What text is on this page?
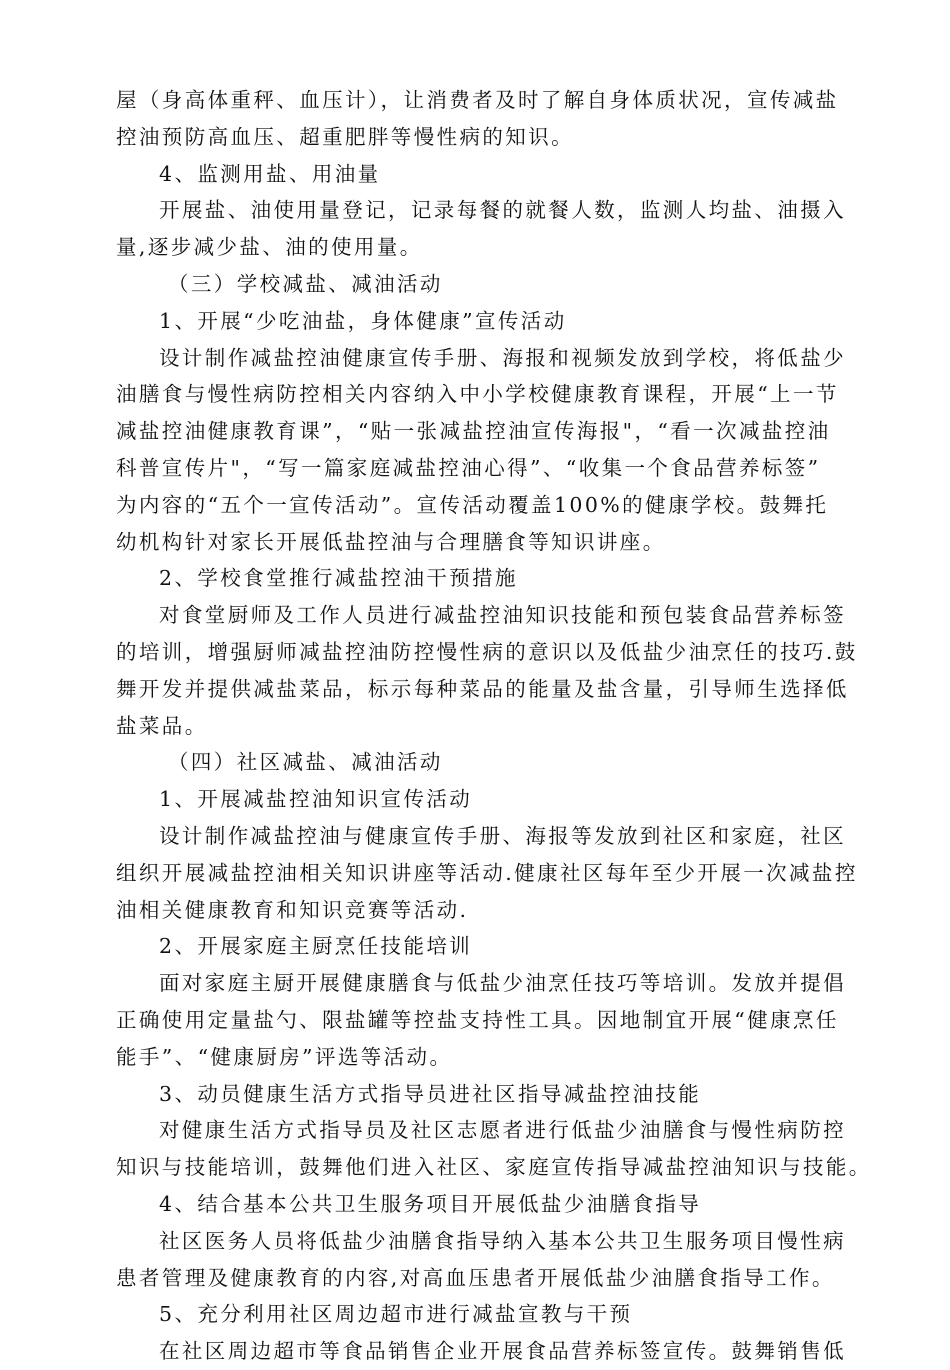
屋（身高体重秤、血压计），让消费者及时了解自身体质状况，宣传减盐
控油预防高血压、超重肥胖等慢性病的知识。
4、监测用盐、用油量
开展盐、油使用量登记，记录每餐的就餐人数，监测人均盐、油摄入
量,逐步减少盐、油的使用量。
（三）学校减盐、减油活动
1、开展“少吃油盐，身体健康”宣传活动
设计制作减盐控油健康宣传手册、海报和视频发放到学校，将低盐少
油膳食与慢性病防控相关内容纳入中小学校健康教育课程，开展“上一节
减盐控油健康教育课”，“贴一张减盐控油宣传海报"，“看一次减盐控油
科普宣传片"，“写一篇家庭减盐控油心得”、“收集一个食品营养标签”
为内容的“五个一宣传活动”。宣传活动覆盖100%的健康学校。鼓舞托
幼机构针对家长开展低盐控油与合理膳食等知识讲座。
2、学校食堂推行减盐控油干预措施
对食堂厨师及工作人员进行减盐控油知识技能和预包装食品营养标签
的培训，增强厨师减盐控油防控慢性病的意识以及低盐少油烹任的技巧.鼓
舞开发并提供减盐菜品，标示每种菜品的能量及盐含量，引导师生选择低
盐菜品。
（四）社区减盐、减油活动
1、开展减盐控油知识宣传活动
设计制作减盐控油与健康宣传手册、海报等发放到社区和家庭，社区
组织开展减盐控油相关知识讲座等活动.健康社区每年至少开展一次减盐控
油相关健康教育和知识竞赛等活动.
2、开展家庭主厨烹任技能培训
面对家庭主厨开展健康膳食与低盐少油烹任技巧等培训。发放并提倡
正确使用定量盐勺、限盐罐等控盐支持性工具。因地制宜开展“健康烹任
能手”、“健康厨房”评选等活动。
3、动员健康生活方式指导员进社区指导减盐控油技能
对健康生活方式指导员及社区志愿者进行低盐少油膳食与慢性病防控
知识与技能培训，鼓舞他们进入社区、家庭宣传指导减盐控油知识与技能。
4、结合基本公共卫生服务项目开展低盐少油膳食指导
社区医务人员将低盐少油膳食指导纳入基本公共卫生服务项目慢性病
患者管理及健康教育的内容,对高血压患者开展低盐少油膳食指导工作。
5、充分利用社区周边超市进行减盐宣教与干预
在社区周边超市等食品销售企业开展食品营养标签宣传。鼓舞销售低
